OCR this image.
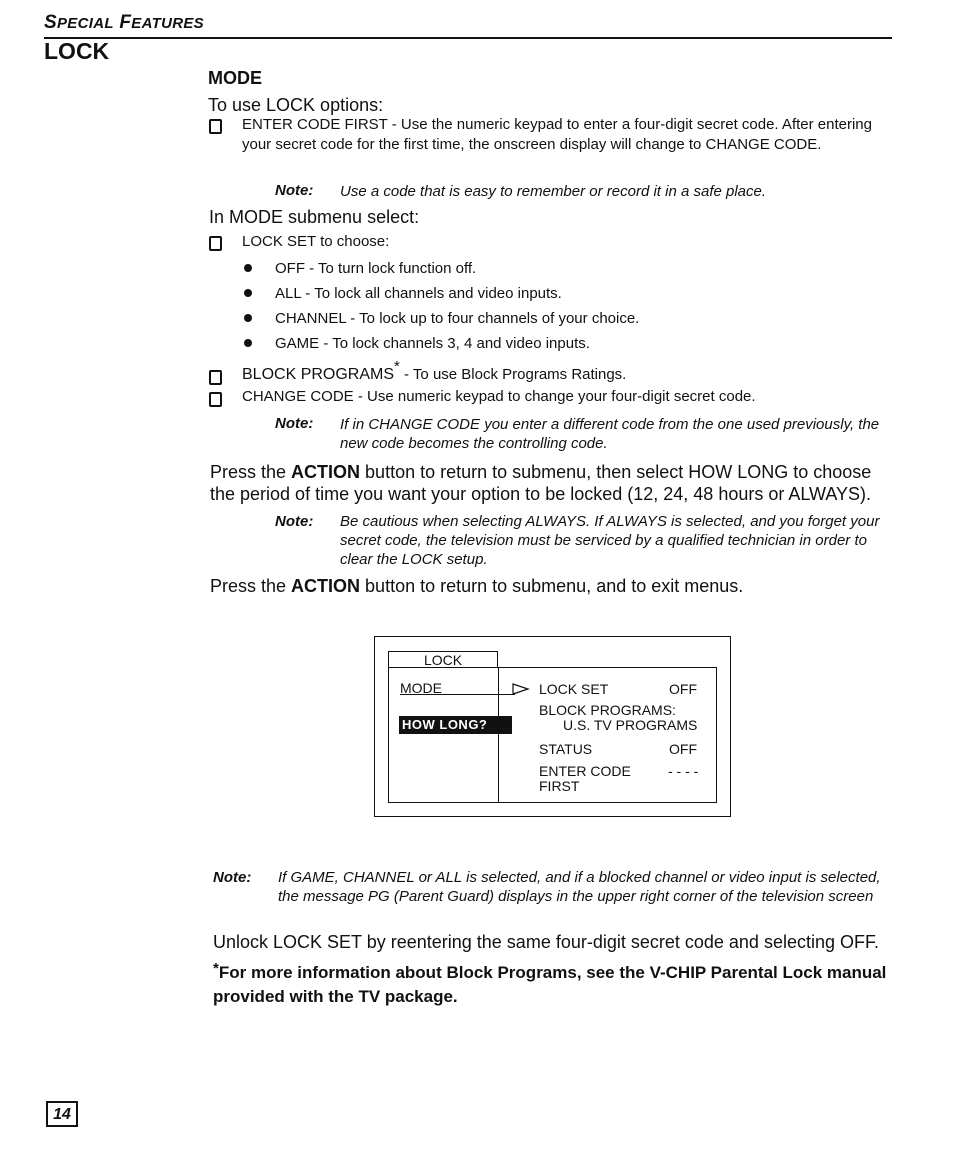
SPECIAL FEATURES
LOCK
MODE
To use LOCK options:
ENTER CODE FIRST - Use the numeric keypad to enter a four-digit secret code. After entering your secret code for the first time, the onscreen display will change to CHANGE CODE.
Note: Use a code that is easy to remember or record it in a safe place.
In MODE submenu select:
LOCK SET to choose:
OFF - To turn lock function off.
ALL - To lock all channels and video inputs.
CHANNEL - To lock up to four channels of your choice.
GAME - To lock channels 3, 4 and video inputs.
BLOCK PROGRAMS* - To use Block Programs Ratings.
CHANGE CODE - Use numeric keypad to change your four-digit secret code.
Note: If in CHANGE CODE you enter a different code from the one used previously, the new code becomes the controlling code.
Press the ACTION button to return to submenu, then select HOW LONG to choose the period of time you want your option to be locked (12, 24, 48 hours or ALWAYS).
Note: Be cautious when selecting ALWAYS. If ALWAYS is selected, and you forget your secret code, the television must be serviced by a qualified technician in order to clear the LOCK setup.
Press the ACTION button to return to submenu, and to exit menus.
LOCK
MODE
HOW LONG?
LOCK SET	OFF
BLOCK PROGRAMS:
U.S. TV PROGRAMS
STATUS	OFF
ENTER CODE
FIRST
- - - -
Note: If GAME, CHANNEL or ALL is selected, and if a blocked channel or video input is selected, the message PG (Parent Guard) displays in the upper right corner of the television screen
Unlock LOCK SET by reentering the same four-digit secret code and selecting OFF.
*For more information about Block Programs, see the V-CHIP Parental Lock manual provided with the TV package.
14
